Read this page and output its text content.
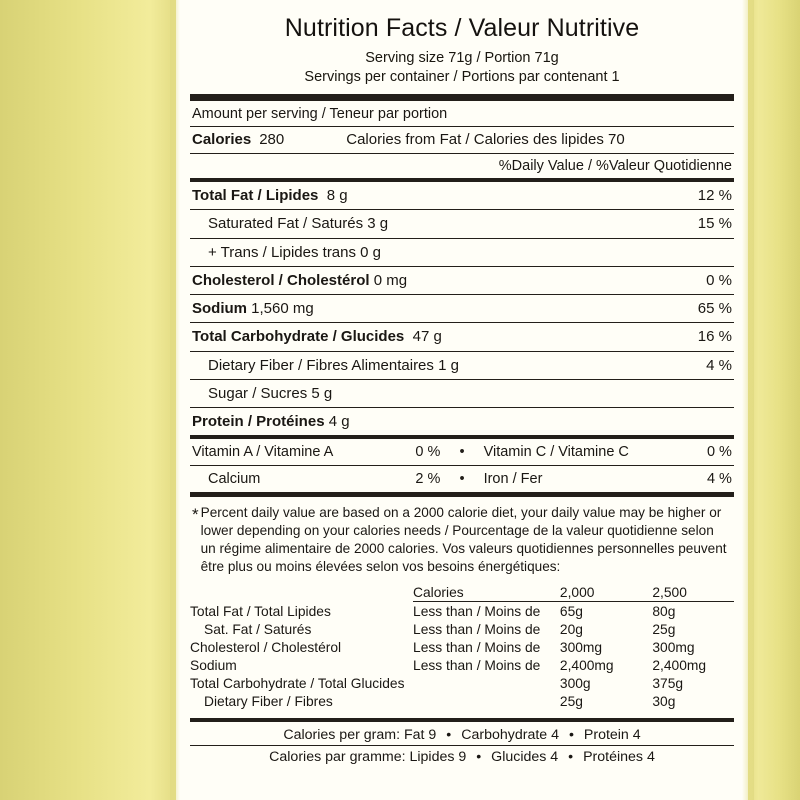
Nutrition Facts / Valeur Nutritive
Serving size 71g / Portion 71g
Servings per container / Portions par contenant 1
Amount per serving / Teneur par portion
Calories 280	Calories from Fat / Calories des lipides 70
%Daily Value / %Valeur Quotidienne
Total Fat / Lipides 8 g	12 %
Saturated Fat / Saturés 3 g	15 %
+ Trans / Lipides trans 0 g
Cholesterol / Cholestérol 0 mg	0 %
Sodium 1,560 mg	65 %
Total Carbohydrate / Glucides 47 g	16 %
Dietary Fiber / Fibres Alimentaires 1 g	4 %
Sugar / Sucres 5 g
Protein / Protéines 4 g
Vitamin A / Vitamine A	0 %	•	Vitamin C / Vitamine C	0 %
Calcium	2 %	•	Iron / Fer	4 %
* Percent daily value are based on a 2000 calorie diet, your daily value may be higher or lower depending on your calories needs / Pourcentage de la valeur quotidienne selon un régime alimentaire de 2000 calories. Vos valeurs quotidiennes personnelles peuvent être plus ou moins élevées selon vos besoins énergétiques:
	Calories	2,000	2,500
Total Fat / Total Lipides	Less than / Moins de	65g	80g
Sat. Fat / Saturés	Less than / Moins de	20g	25g
Cholesterol / Cholestérol	Less than / Moins de	300mg	300mg
Sodium	Less than / Moins de	2,400mg	2,400mg
Total Carbohydrate / Total Glucides		300g	375g
Dietary Fiber / Fibres		25g	30g
Calories per gram: Fat 9 • Carbohydrate 4 • Protein 4
Calories par gramme: Lipides 9 • Glucides 4 • Protéines 4
